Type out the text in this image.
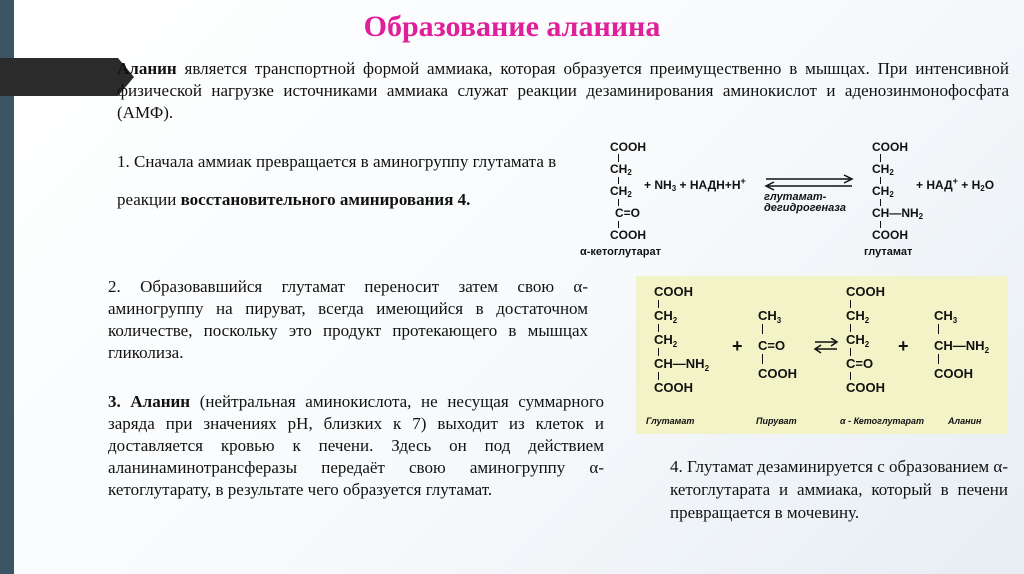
Образование аланина
Аланин является транспортной формой аммиака, которая образуется преимущественно в мышцах. При интенсивной физической нагрузке источниками аммиака служат реакции дезаминирования аминокислот и аденозинмонофосфата (АМФ).
1. Сначала аммиак превращается в аминогруппу глутамата в реакции восстановительного аминирования 4.
COOH
$CH_2$
$CH_2$
C=O
COOH
α-кетоглутарат
+ $NH_3$ + НАДН+Н+
глутамат-
дегидрогеназа
COOH
$CH_2$
$CH_2$
$CH—NH_2$
COOH
глутамат
+ $НАД^+ + H_2O$
2. Образовавшийся глутамат переносит затем свою α-аминогруппу на пируват, всегда имеющийся в достаточном количестве, поскольку это продукт протекающего в мышцах гликолиза.
COOH
$CH_2$
$CH_2$
$CH—NH_2$
COOH
Глутамат
+
$CH_3$
C=O
COOH
Пируват
COOH
$CH_2$
$CH_2$
C=O
COOH
α - Кетоглутарат
+
$CH_3$
$CH—NH_2$
COOH
Аланин
3. Аланин (нейтральная аминокислота, не несущая суммарного заряда при значениях pH, близких к 7) выходит из клеток и доставляется кровью к печени. Здесь он под действием аланинаминотрансферазы передаёт свою аминогруппу α-кетоглутарату, в результате чего образуется глутамат.
4. Глутамат дезаминируется с образованием α-кетоглутарата и аммиака, который в печени превращается в мочевину.
